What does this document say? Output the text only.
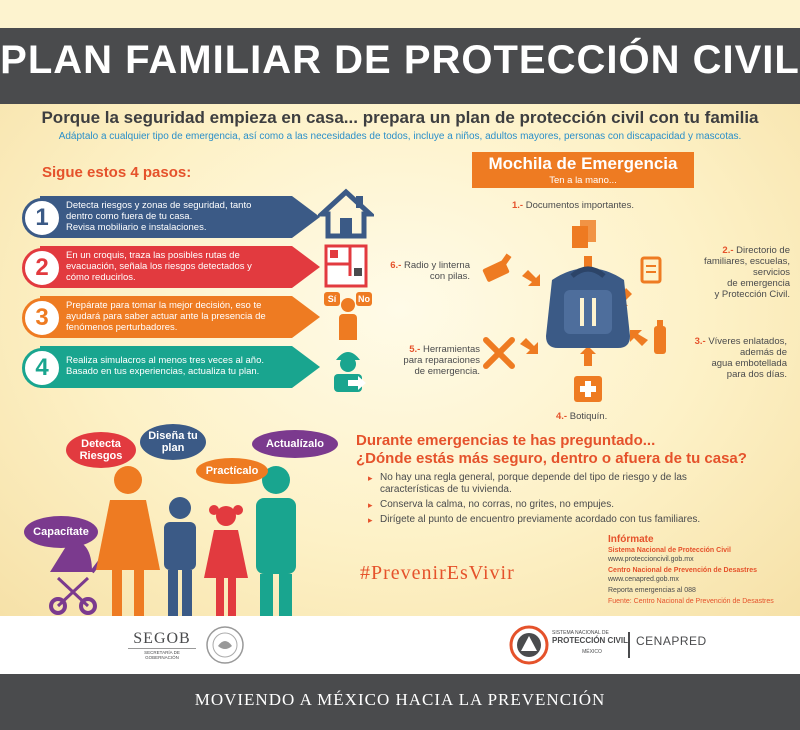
PLAN FAMILIAR DE PROTECCIÓN CIVIL
Porque la seguridad empieza en casa... prepara un plan de protección civil con tu familia
Adáptalo a cualquier tipo de emergencia, así como a las necesidades de todos, incluye a niños, adultos mayores, personas con discapacidad y mascotas.
Sigue estos 4 pasos:
1	Detecta riesgos y zonas de seguridad, tanto
dentro como fuera de tu casa.
Revisa mobiliario e instalaciones.
2	En un croquis, traza las posibles rutas de
evacuación, señala los riesgos detectados y
cómo reducirlos.
3	Prepárate para tomar la mejor decisión, eso te
ayudará para saber actuar ante la presencia de
fenómenos perturbadores.
4	Realiza simulacros al menos tres veces al año.
Basado en tus experiencias, actualiza tu plan.
Sí	No
Mochila de Emergencia
Ten a la mano...
1.- Documentos importantes.
2.- Directorio de
familiares, escuelas,
servicios
de emergencia
y Protección Civil.
3.- Víveres enlatados,
además de
agua embotellada
para dos días.
4.- Botiquín.
5.- Herramientas
para reparaciones
de emergencia.
6.- Radio y linterna
con pilas.
Capacítate
Detecta Riesgos
Diseña tu plan
Practícalo
Actualízalo	Durante emergencias te has preguntado...
¿Dónde estás más seguro, dentro o afuera de tu casa?
▸ No hay una regla general, porque depende del tipo de riesgo y de las características de tu vivienda.
▸ Conserva la calma, no corras, no grites, no empujes.
▸ Dirígete al punto de encuentro previamente acordado con tus familiares.
#PrevenirEsVivir
Infórmate
Sistema Nacional de Protección Civil
www.proteccioncivil.gob.mx
Centro Nacional de Prevención de Desastres
www.cenapred.gob.mx
Reporta emergencias al 088
Fuente: Centro Nacional de Prevención de Desastres
SEGOB
SECRETARÍA DE GOBERNACIÓN
SISTEMA NACIONAL DE
PROTECCIÓN CIVIL
MÉXICO
CENAPRED
MOVIENDO A MÉXICO HACIA LA PREVENCIÓN
